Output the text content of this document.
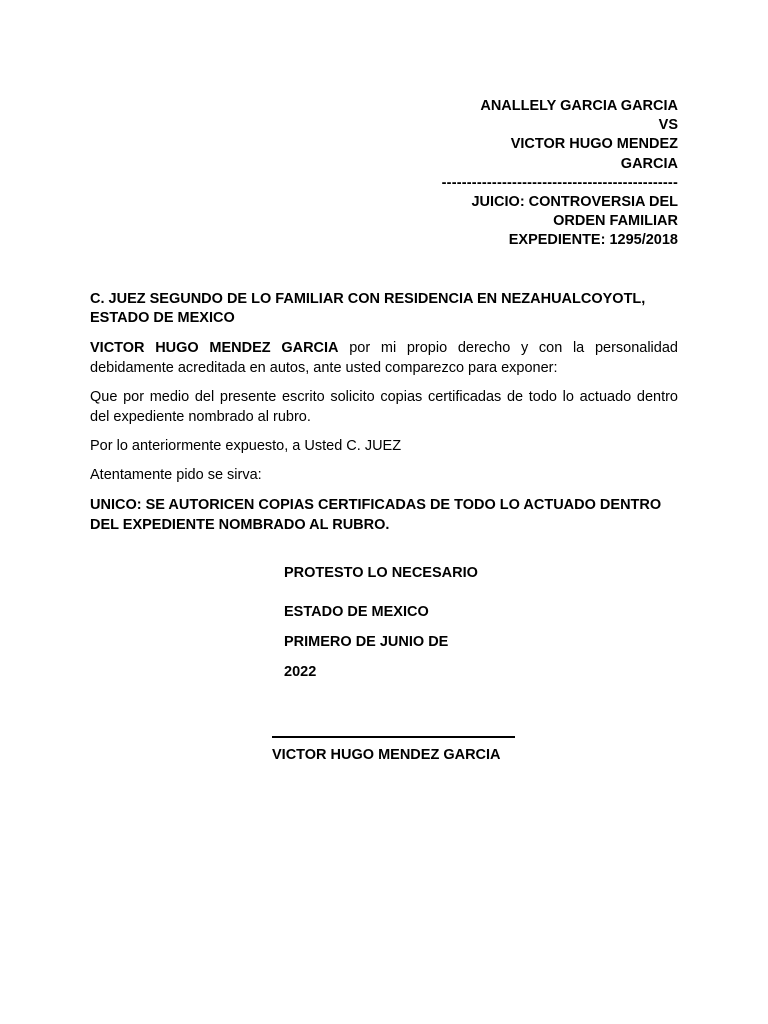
ANALLELY GARCIA GARCIA
VS
VICTOR HUGO MENDEZ
GARCIA
-----------------------------------------------
JUICIO: CONTROVERSIA DEL
ORDEN FAMILIAR
EXPEDIENTE: 1295/2018
C. JUEZ SEGUNDO DE LO FAMILIAR CON RESIDENCIA EN NEZAHUALCOYOTL,
ESTADO DE MEXICO
VICTOR HUGO MENDEZ GARCIA por mi propio derecho y con la personalidad debidamente acreditada en autos, ante usted comparezco para exponer:
Que por medio del presente escrito solicito copias certificadas de todo lo actuado dentro del expediente nombrado al rubro.
Por lo anteriormente expuesto, a Usted C. JUEZ
Atentamente pido se sirva:
UNICO: SE AUTORICEN COPIAS CERTIFICADAS DE TODO LO ACTUADO DENTRO DEL EXPEDIENTE NOMBRADO AL RUBRO.
PROTESTO LO NECESARIO
ESTADO DE MEXICO
PRIMERO DE JUNIO DE
2022
VICTOR HUGO MENDEZ GARCIA
